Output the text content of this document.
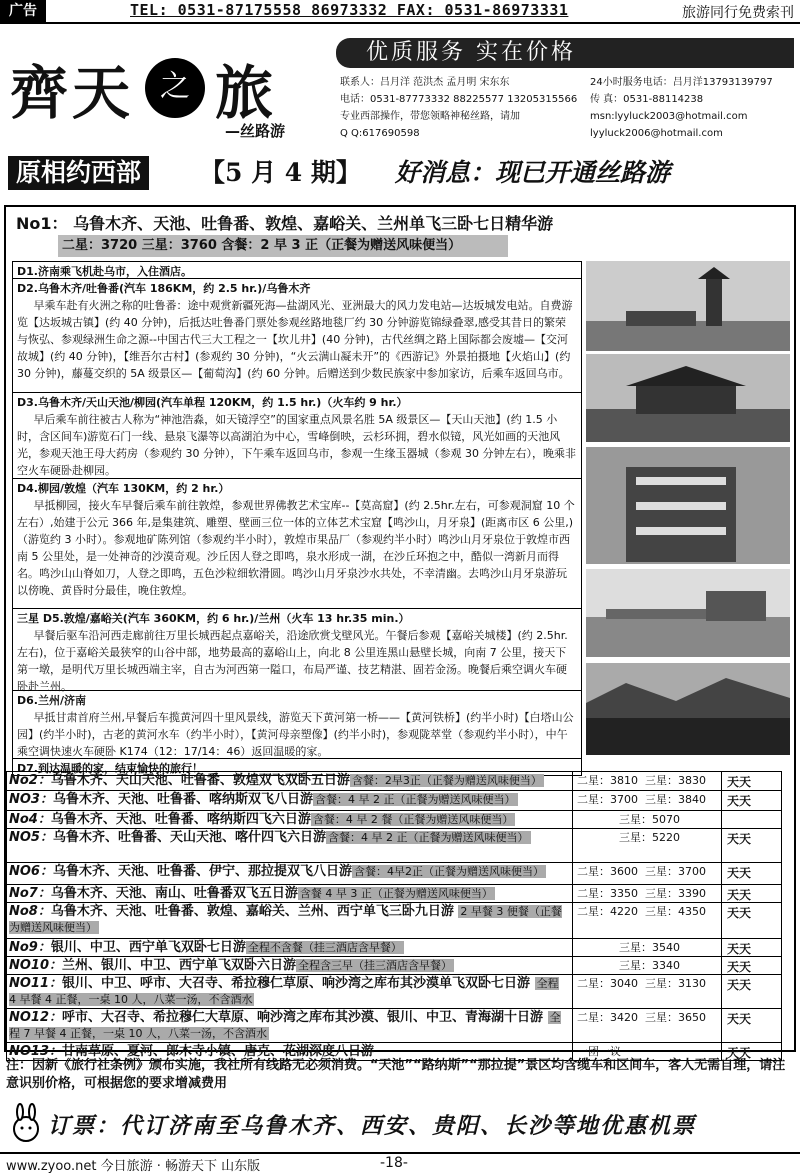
广告	TEL: 0531-87175558 86973332 FAX: 0531-86973331	旅游同行免费索刊
齊天 之 旅
—丝路游
优质服务 实在价格
联系人：吕月洋 范洪杰 孟月明 宋东东	24小时服务电话：吕月洋13793139797
电话：0531-87773332 88225577 13205315566 传 真：0531-88114238
专业西部操作，带您领略神秘丝路，请加	msn:lyyluck2003@hotmail.com
Q Q:617690598	lyyluck2006@hotmail.com
原相约西部	【5 月 4 期】 好消息：现已开通丝路游
No1： 乌鲁木齐、天池、吐鲁番、敦煌、嘉峪关、兰州单飞三卧七日精华游
二星：3720 三星：3760 含餐：2 早 3 正（正餐为赠送风味便当）
D1.济南乘飞机赴乌市，入住酒店。
D2.乌鲁木齐/吐鲁番(汽车 186KM，约 2.5 hr.)/乌鲁木齐
早乘车赴有火洲之称的吐鲁番：途中观赏新疆死海—盐湖风光、亚洲最大的风力发电站—达坂城发电站。自费游览【达坂城古镇】(约 40 分钟)，后抵达吐鲁番门票处参观丝路地毯厂约 30 分钟游览锦绿叠翠,感受其昔日的繁荣与恢弘、参观绿洲生命之源--中国古代三大工程之一【坎儿井】(40 分钟)，古代丝绸之路上国际都会废墟—【交河故城】(约 40 分钟)，【维吾尔古村】(参观约 30 分钟)，“火云满山凝未开”的《西游记》外景拍摄地【火焰山】(约 30 分钟)，藤蔓交织的 5A 级景区—【葡萄沟】(约 60 分钟。后赠送到少数民族家中参加家访，后乘车返回乌市。
D3.乌鲁木齐/天山天池/柳园(汽车单程 120KM，约 1.5 hr.)（火车约 9 hr.）
早后乘车前往被古人称为“神池浩淼，如天镜浮空”的国家重点风景名胜 5A 级景区—【天山天池】(约 1.5 小时，含区间车)游览石门一线、悬泉飞瀑等以高湖泊为中心，雪峰倒映，云杉环拥，碧水似镜，风光如画的天池风光，参观天池王母大药房（参观约 30 分钟），下午乘车返回乌市，参观一生缘玉器城（参观 30 分钟左右），晚乘非空火车硬卧赴柳园。
D4.柳园/敦煌（汽车 130KM，约 2 hr.）
早抵柳园，接火车早餐后乘车前往敦煌，参观世界佛教艺术宝库--【莫高窟】(约 2.5hr.左右，可参观洞窟 10 个左右）,始建于公元 366 年,是集建筑、雕塑、壁画三位一体的立体艺术宝窟【鸣沙山，月牙泉】(距离市区 6 公里,)（游览约 3 小时）。参观地矿陈列馆（参观约半小时），敦煌市果品厂（参观约半小时）鸣沙山月牙泉位于敦煌市西南 5 公里处，是一处神奇的沙漠奇观。沙丘因人登之即鸣，泉水形成一湖，在沙丘环抱之中，酷似一湾新月而得名。鸣沙山山脊如刀，人登之即鸣，五色沙粒细软滑圆。鸣沙山月牙泉沙水共处，不幸清幽。去鸣沙山月牙泉游玩以傍晚、黄昏时分最佳，晚住敦煌。
三星 D5.敦煌/嘉峪关(汽车 360KM，约 6 hr.)/兰州（火车 13 hr.35 min.）
早餐后驱车沿河西走廊前往万里长城西起点嘉峪关，沿途欣赏戈壁风光。午餐后参观【嘉峪关城楼】(约 2.5hr.左右)，位于嘉峪关最狭窄的山谷中部，地势最高的嘉峪山上，向北 8 公里连黑山悬壁长城，向南 7 公里，接天下第一墩，是明代万里长城西端主宰，自古为河西第一隘口，布局严谨、技艺精湛、固若金汤。晚餐后乘空调火车硬卧赴兰州。
D6.兰州/济南
早抵甘肃首府兰州,早餐后车揽黄河四十里风景线，游览天下黄河第一桥——【黄河铁桥】(约半小时)【白塔山公园】(约半小时)，古老的黄河水车（约半小时），【黄河母亲塑像】(约半小时)，参观陇萃堂（参观约半小时），中午乘空调快速火车硬卧 K174（12：17/14：46）返回温暖的家。
D7.到达温暖的家，结束愉快的旅行！
No2：乌鲁木齐、天山天池、吐鲁番、敦煌双飞双卧五日游 含餐：2早3正（正餐为赠送风味便当）	二星：3810  三星：3830	天天
NO3：乌鲁木齐、天池、吐鲁番、喀纳斯双飞八日游 含餐：4 早 2 正（正餐为赠送风味便当）	二星：3700  三星：3840	天天
No4：乌鲁木齐、天池、吐鲁番、喀纳斯四飞六日游 含餐：4 早 2 餐（正餐为赠送风味便当）	三星：5070
NO5：乌鲁木齐、吐鲁番、天山天池、喀什四飞六日游 含餐：4 早 2 正（正餐为赠送风味便当）	三星：5220	天天
NO6：乌鲁木齐、天池、吐鲁番、伊宁、那拉提双飞八日游 含餐：4早2正（正餐为赠送风味便当）	二星：3600  三星：3700	天天
No7：乌鲁木齐、天池、南山、吐鲁番双飞五日游 含餐 4 早 3 正（正餐为赠送风味便当）	二星：3350  三星：3390	天天
No8：乌鲁木齐、天池、吐鲁番、敦煌、嘉峪关、兰州、西宁单飞三卧九日游 2 早餐 3 便餐（正餐为赠送风味便当）
二星：4220  三星：4350	天天
No9：银川、中卫、西宁单飞双卧七日游 全程不含餐（挂三酒店含早餐）	三星：3540	天天
NO10：兰州、银川、中卫、西宁单飞双卧六日游 全程含三早（挂三酒店含早餐）	三星：3340	天天
NO11：银川、中卫、呼市、大召寺、希拉穆仁草原、响沙湾之库布其沙漠单飞双卧七日游 全程 4 早餐 4 正餐，一桌 10 人，八菜一汤，不含酒水
二星：3040  三星：3130	天天
NO12：呼市、大召寺、希拉穆仁大草原、响沙湾之库布其沙漠、银川、中卫、青海湖十日游 全程 7 早餐 4 正餐，一桌 10 人，八菜一汤，不含酒水
二星：3420  三星：3650	天天
NO13：甘南草原、夏河、郎木寺小镇、唐克、花湖深度八日游	一团一议	天天
注：因新《旅行社条例》颁布实施，我社所有线路无必须消费。“天池”“路纳斯”“那拉提”景区均含缆车和区间车，客人无需自理，请注意识别价格，可根据您的要求增减费用
订票：代订济南至乌鲁木齐、西安、贵阳、长沙等地优惠机票
www.zyoo.net 今日旅游 · 畅游天下 山东版	-18-
